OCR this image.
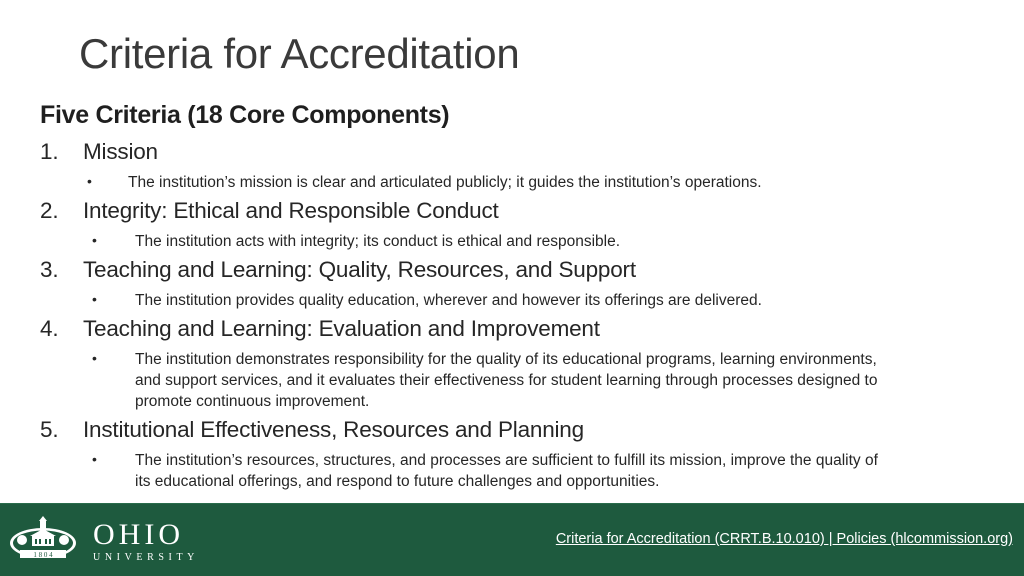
Criteria for Accreditation
Five Criteria (18 Core Components)
1. Mission
• The institution’s mission is clear and articulated publicly; it guides the institution’s operations.
2. Integrity: Ethical and Responsible Conduct
• The institution acts with integrity; its conduct is ethical and responsible.
3. Teaching and Learning: Quality, Resources, and Support
• The institution provides quality education, wherever and however its offerings are delivered.
4. Teaching and Learning: Evaluation and Improvement
• The institution demonstrates responsibility for the quality of its educational programs, learning environments,
and support services, and it evaluates their effectiveness for student learning through processes designed to
promote continuous improvement.
5. Institutional Effectiveness, Resources and Planning
• The institution’s resources, structures, and processes are sufficient to fulfill its mission, improve the quality of
its educational offerings, and respond to future challenges and opportunities.
1 8 0 4
OHIO
UNIVERSITY
Criteria for Accreditation (CRRT.B.10.010) | Policies (hlcommission.org)
